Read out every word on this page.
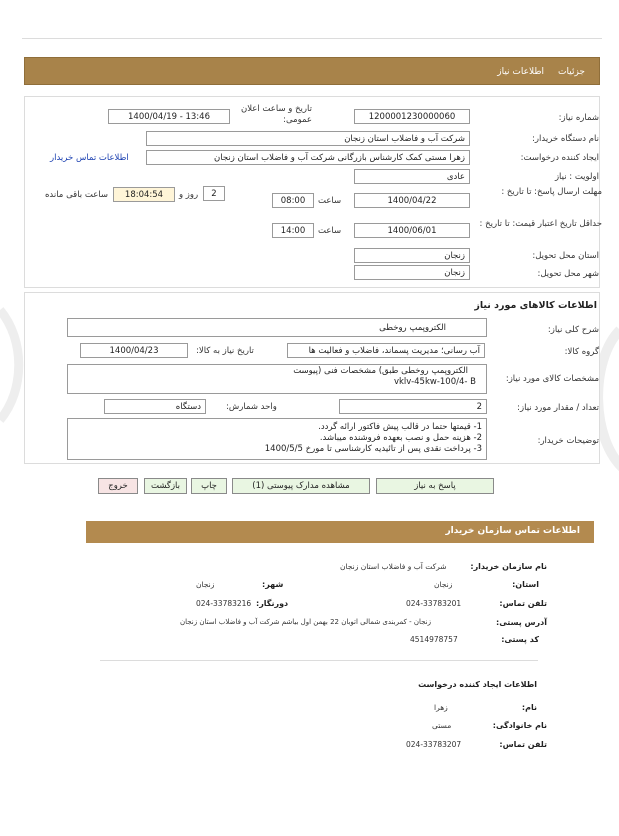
جزئیات
اطلاعات نیاز
شماره نیاز:
1200001230000060
تاریخ و ساعت اعلان عمومی:
1400/04/19 - 13:46
نام دستگاه خریدار:
شرکت آب و فاضلاب استان زنجان
ایجاد کننده درخواست:
زهرا مستی کمک کارشناس بازرگانی شرکت آب و فاضلاب استان زنجان
اطلاعات تماس خریدار
اولویت : نیاز
عادی
مهلت ارسال پاسخ: تا تاریخ :
1400/04/22
ساعت
08:00
2
روز و
18:04:54
ساعت باقی مانده
حداقل تاریخ اعتبار قیمت: تا تاریخ :
1400/06/01
ساعت
14:00
استان محل تحویل:
زنجان
شهر محل تحویل:
زنجان
اطلاعات کالاهای مورد نیاز
شرح کلی نیاز:
الکتروپمپ روخطی
گروه کالا:
آب رسانی؛ مدیریت پسماند، فاضلاب و فعالیت ها
تاریخ نیاز به کالا:
1400/04/23
مشخصات کالای مورد نیاز:
الکتروپمپ روخطی طبق) مشخصات فنی (پیوست
vklv-45kw-100/4- B
تعداد / مقدار مورد نیاز:
2
واحد شمارش:
دستگاه
توضیحات خریدار:
1- قیمتها حتما در قالب پیش فاکتور ارائه گردد.
2- هزینه حمل و نصب بعهده فروشنده میباشد.
3- پرداخت نقدی پس از تائیدیه کارشناسی تا مورخ 1400/5/5
پاسخ به نیاز
مشاهده مدارک پیوستی (1)
چاپ
بازگشت
خروج
اطلاعات تماس سازمان خریدار
نام سازمان خریدار:
شرکت آب و فاضلاب استان زنجان
استان:
زنجان
شهر:
زنجان
تلفن تماس:
024-33783201
دورنگار:
024-33783216
آدرس پستی:
زنجان - کمربندی شمالی اتوبان 22 بهمن اول بیاشم شرکت آب و فاضلاب استان زنجان
کد پستی:
4514978757
اطلاعات ایجاد کننده درخواست
نام:
زهرا
نام خانوادگی:
مستی
تلفن تماس:
024-33783207
